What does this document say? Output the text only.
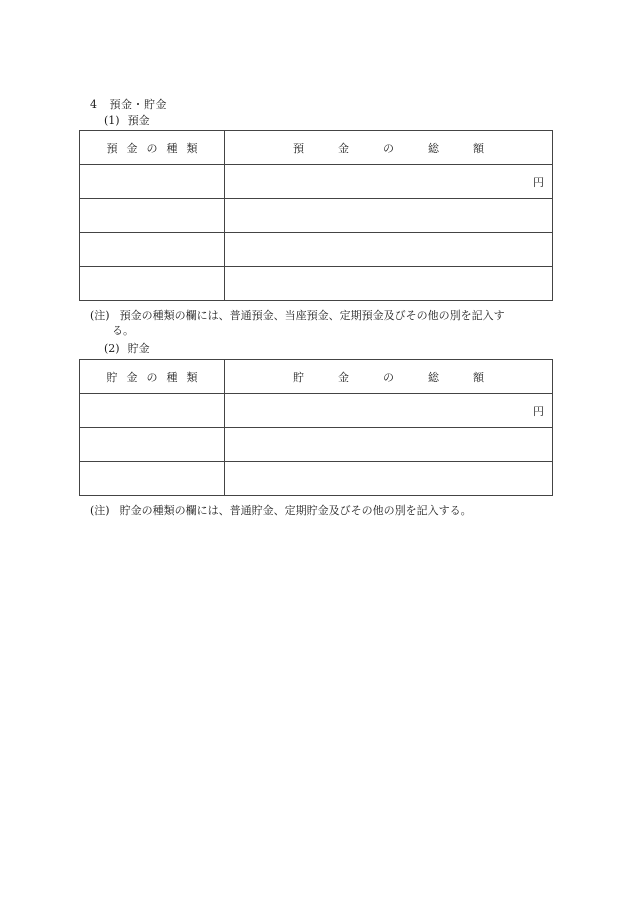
4 預金・貯金
(1) 預金
預金の種類	預金の総額
	円

(注) 預金の種類の欄には、普通預金、当座預金、定期預金及びその他の別を記入す
る。
(2) 貯金
貯金の種類	貯金の総額
	円

(注) 貯金の種類の欄には、普通貯金、定期貯金及びその他の別を記入する。
